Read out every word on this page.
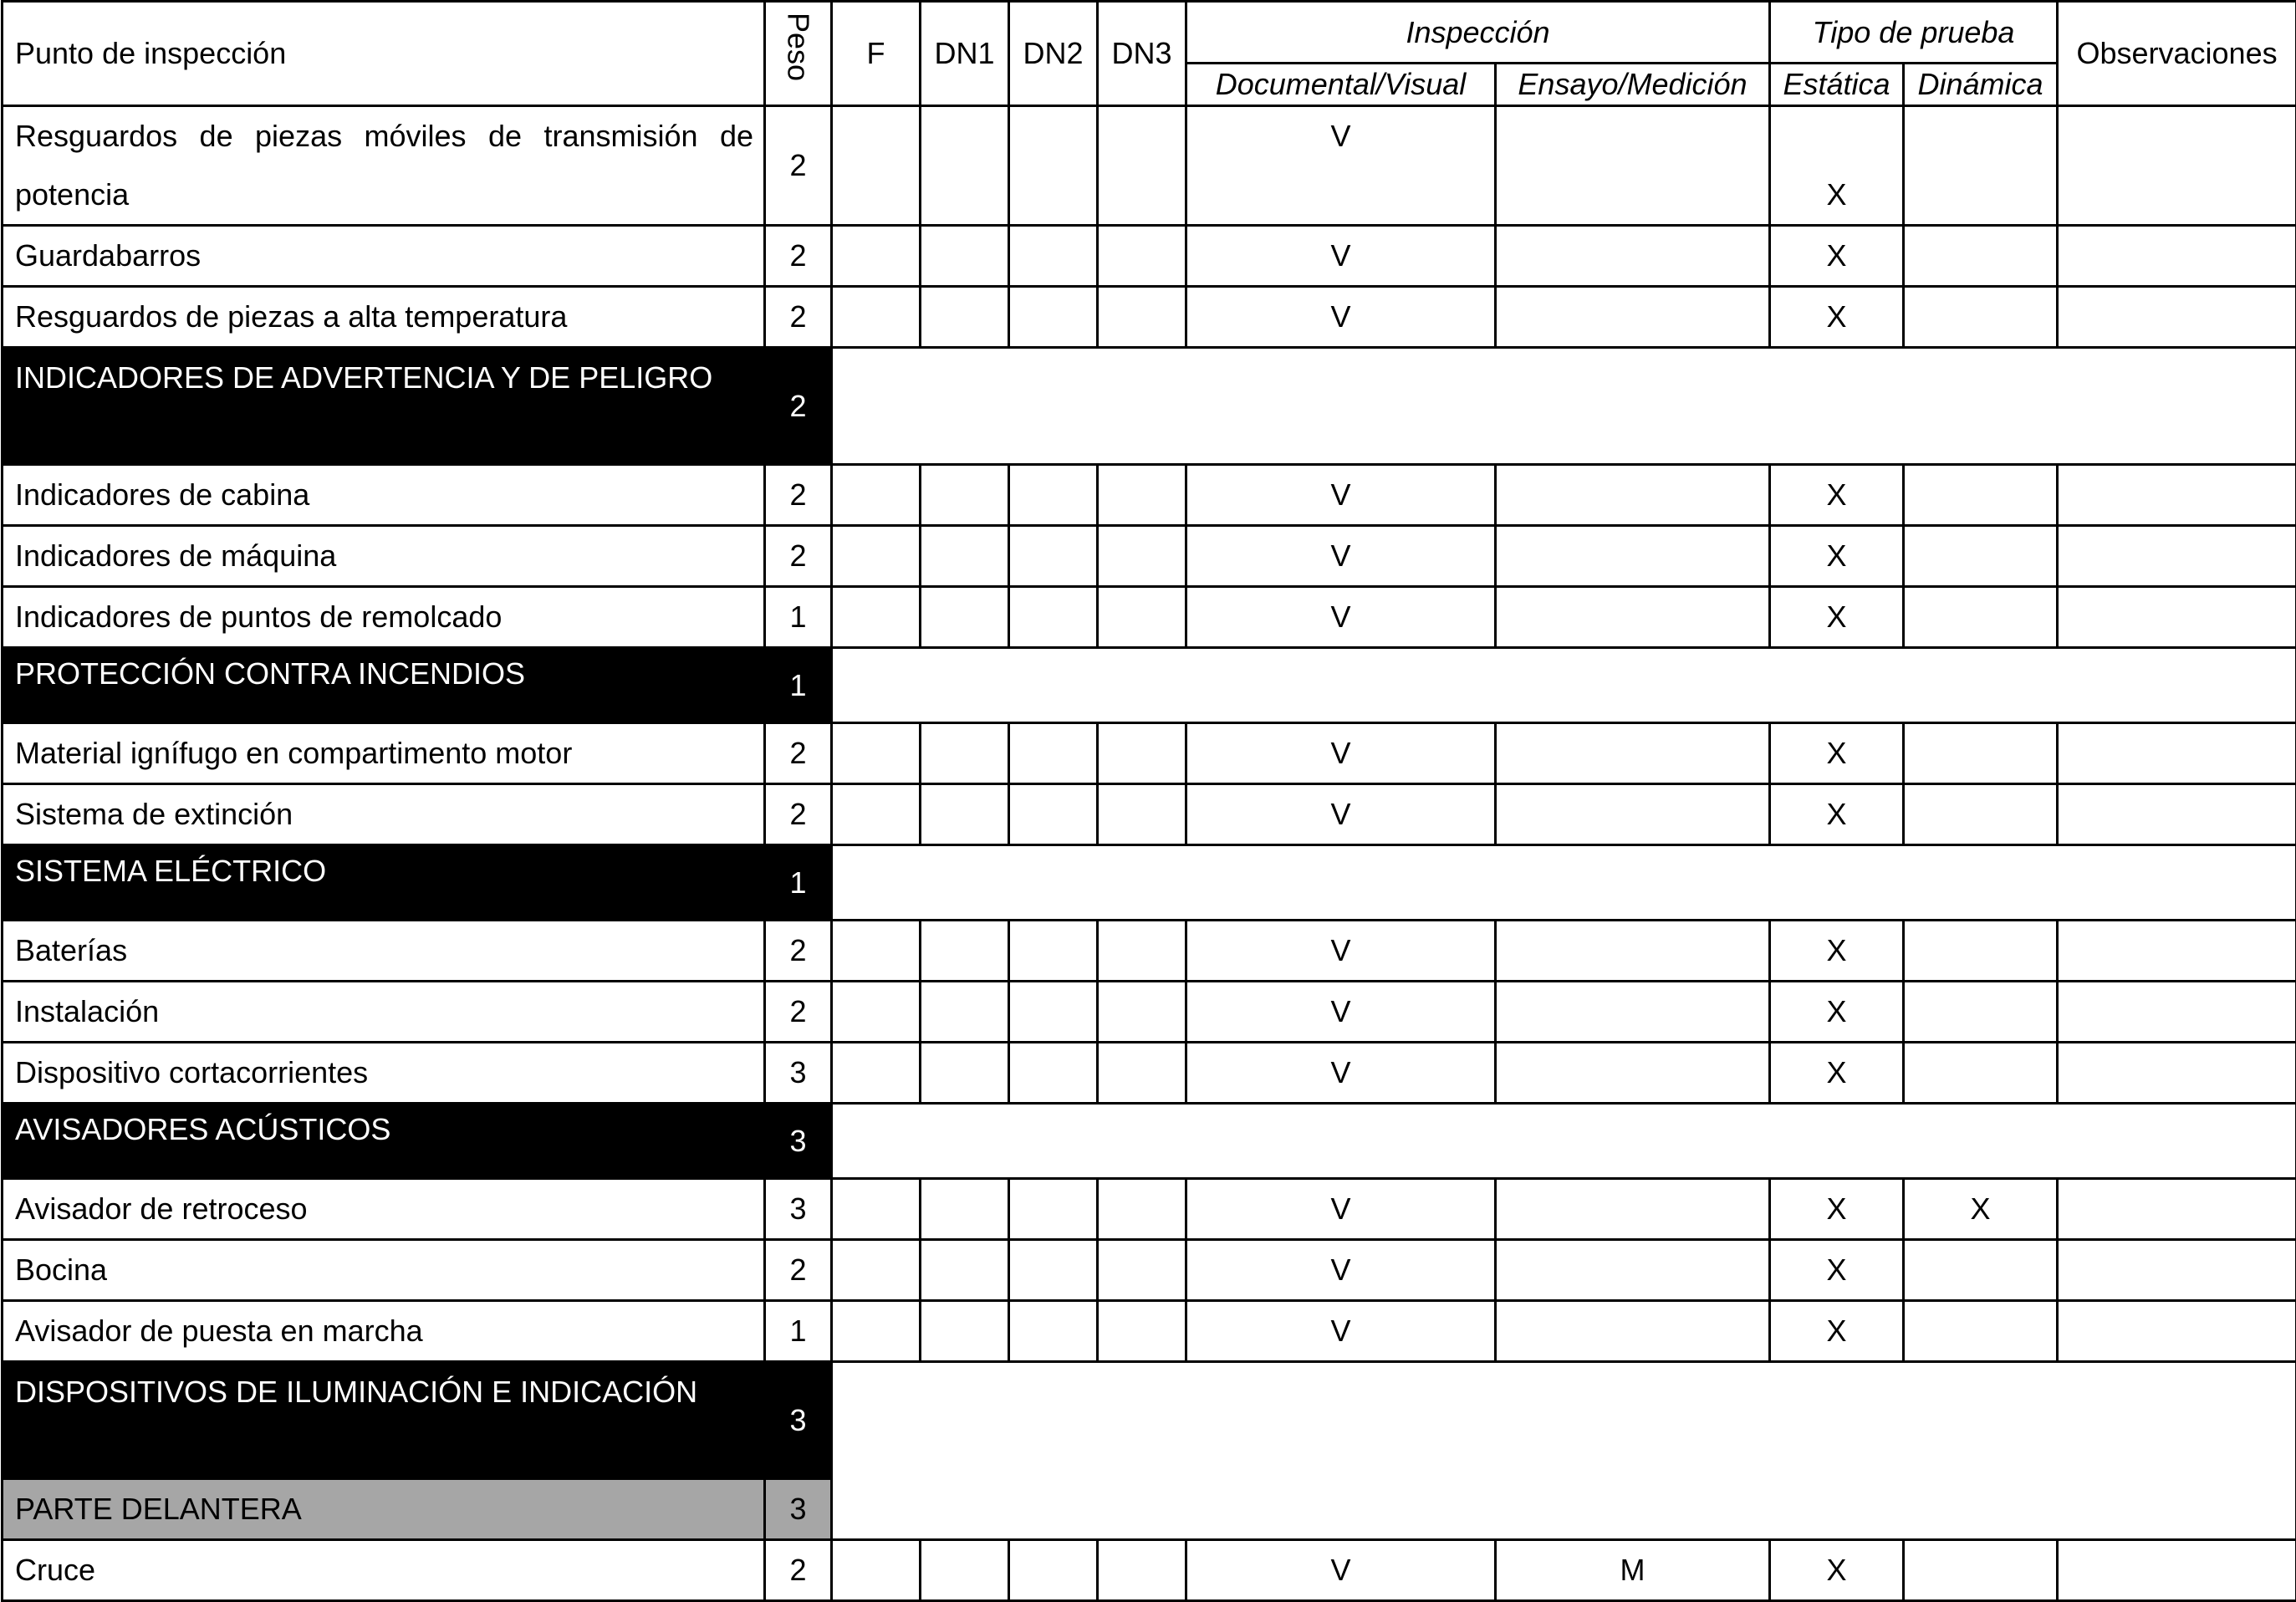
Punto de inspección	Peso	F	DN1	DN2	DN3	Inspección		Tipo de prueba		Observaciones
						Documental/Visual	Ensayo/Medición	Estática	Dinámica	
Resguardos de piezas móviles de transmisión de potencia	2					V		X		
Guardabarros	2					V		X		
Resguardos de piezas a alta temperatura	2					V		X		
INDICADORES DE ADVERTENCIA Y DE PELIGRO	2									
Indicadores de cabina	2					V		X		
Indicadores de máquina	2					V		X		
Indicadores de puntos de remolcado	1					V		X		
PROTECCIÓN CONTRA INCENDIOS	1									
Material ignífugo en compartimento motor	2					V		X		
Sistema de extinción	2					V		X		
SISTEMA ELÉCTRICO	1									
Baterías	2					V		X		
Instalación	2					V		X		
Dispositivo cortacorrientes	3					V		X		
AVISADORES ACÚSTICOS	3									
Avisador de retroceso	3					V		X	X	
Bocina	2					V		X		
Avisador de puesta en marcha	1					V		X		
DISPOSITIVOS DE ILUMINACIÓN E INDICACIÓN	3									
PARTE DELANTERA	3									
Cruce	2					V	M	X		
